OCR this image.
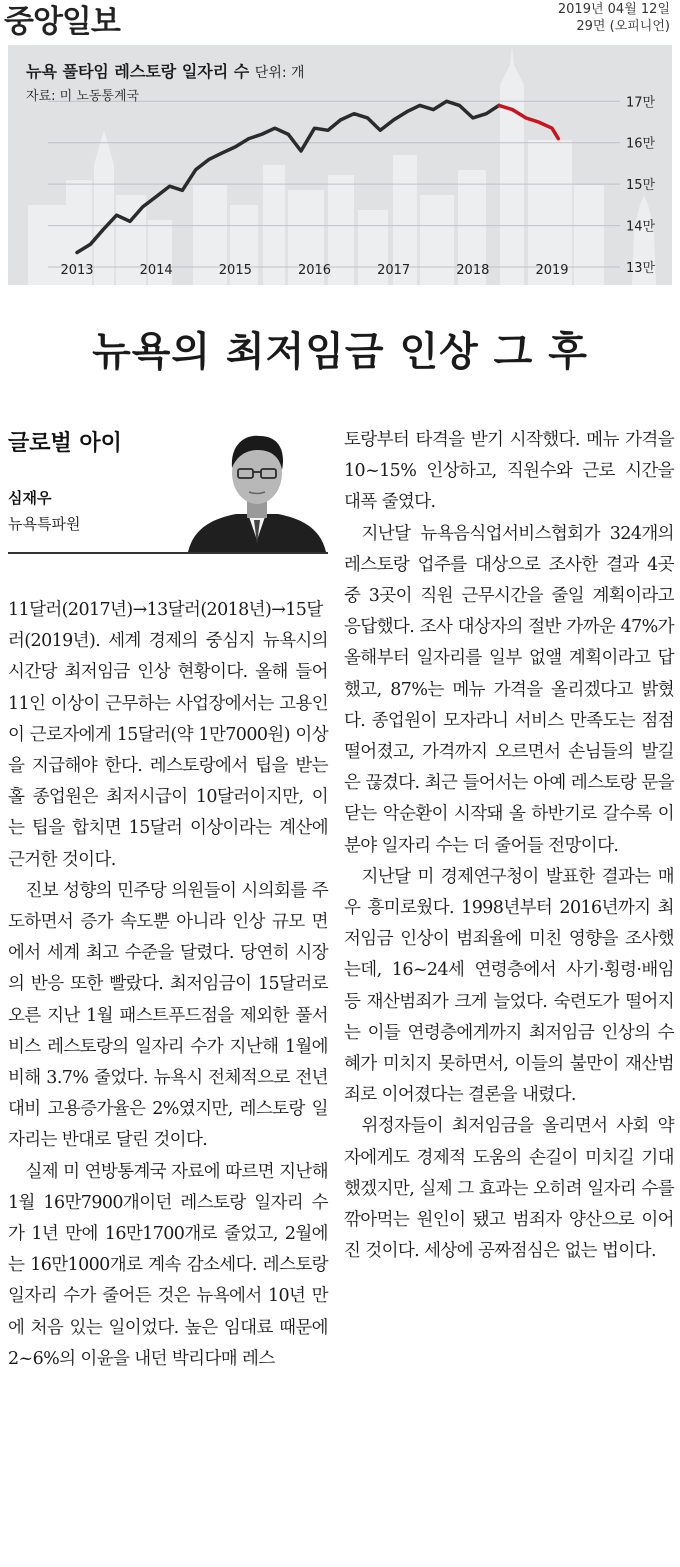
중앙일보	2019년 04월 12일
29면 (오피니언)
13만
14만
15만
16만
17만
2013	2014	2015	2016	2017	2018	2019
뉴욕 풀타임 레스토랑 일자리 수 단위: 개
자료: 미 노동통계국
뉴욕의 최저임금 인상 그 후
글로벌 아이
심재우
뉴욕특파원

11달러(2017년)→13달러(2018년)→15달러(2019년). 세계 경제의 중심지 뉴욕시의 시간당 최저임금 인상 현황이다. 올해 들어 11인 이상이 근무하는 사업장에서는 고용인이 근로자에게 15달러(약 1만7000원) 이상을 지급해야 한다. 레스토랑에서 팁을 받는 홀 종업원은 최저시급이 10달러이지만, 이는 팁을 합치면 15달러 이상이라는 계산에 근거한 것이다.

진보 성향의 민주당 의원들이 시의회를 주도하면서 증가 속도뿐 아니라 인상 규모 면에서 세계 최고 수준을 달렸다. 당연히 시장의 반응 또한 빨랐다. 최저임금이 15달러로 오른 지난 1월 패스트푸드점을 제외한 풀서비스 레스토랑의 일자리 수가 지난해 1월에 비해 3.7% 줄었다. 뉴욕시 전체적으로 전년 대비 고용증가율은 2%였지만, 레스토랑 일자리는 반대로 달린 것이다.

실제 미 연방통계국 자료에 따르면 지난해 1월 16만7900개이던 레스토랑 일자리 수가 1년 만에 16만1700개로 줄었고, 2월에는 16만1000개로 계속 감소세다. 레스토랑 일자리 수가 줄어든 것은 뉴욕에서 10년 만에 처음 있는 일이었다. 높은 임대료 때문에 2~6%의 이윤을 내던 박리다매 레스

토랑부터 타격을 받기 시작했다. 메뉴 가격을 10~15% 인상하고, 직원수와 근로 시간을 대폭 줄였다.

지난달 뉴욕음식업서비스협회가 324개의 레스토랑 업주를 대상으로 조사한 결과 4곳 중 3곳이 직원 근무시간을 줄일 계획이라고 응답했다. 조사 대상자의 절반 가까운 47%가 올해부터 일자리를 일부 없앨 계획이라고 답했고, 87%는 메뉴 가격을 올리겠다고 밝혔다. 종업원이 모자라니 서비스 만족도는 점점 떨어졌고, 가격까지 오르면서 손님들의 발길은 끊겼다. 최근 들어서는 아예 레스토랑 문을 닫는 악순환이 시작돼 올 하반기로 갈수록 이 분야 일자리 수는 더 줄어들 전망이다.

지난달 미 경제연구청이 발표한 결과는 매우 흥미로웠다. 1998년부터 2016년까지 최저임금 인상이 범죄율에 미친 영향을 조사했는데, 16~24세 연령층에서 사기·횡령·배임 등 재산범죄가 크게 늘었다. 숙련도가 떨어지는 이들 연령층에게까지 최저임금 인상의 수혜가 미치지 못하면서, 이들의 불만이 재산범죄로 이어졌다는 결론을 내렸다.

위정자들이 최저임금을 올리면서 사회 약자에게도 경제적 도움의 손길이 미치길 기대했겠지만, 실제 그 효과는 오히려 일자리 수를 깎아먹는 원인이 됐고 범죄자 양산으로 이어진 것이다. 세상에 공짜점심은 없는 법이다.
